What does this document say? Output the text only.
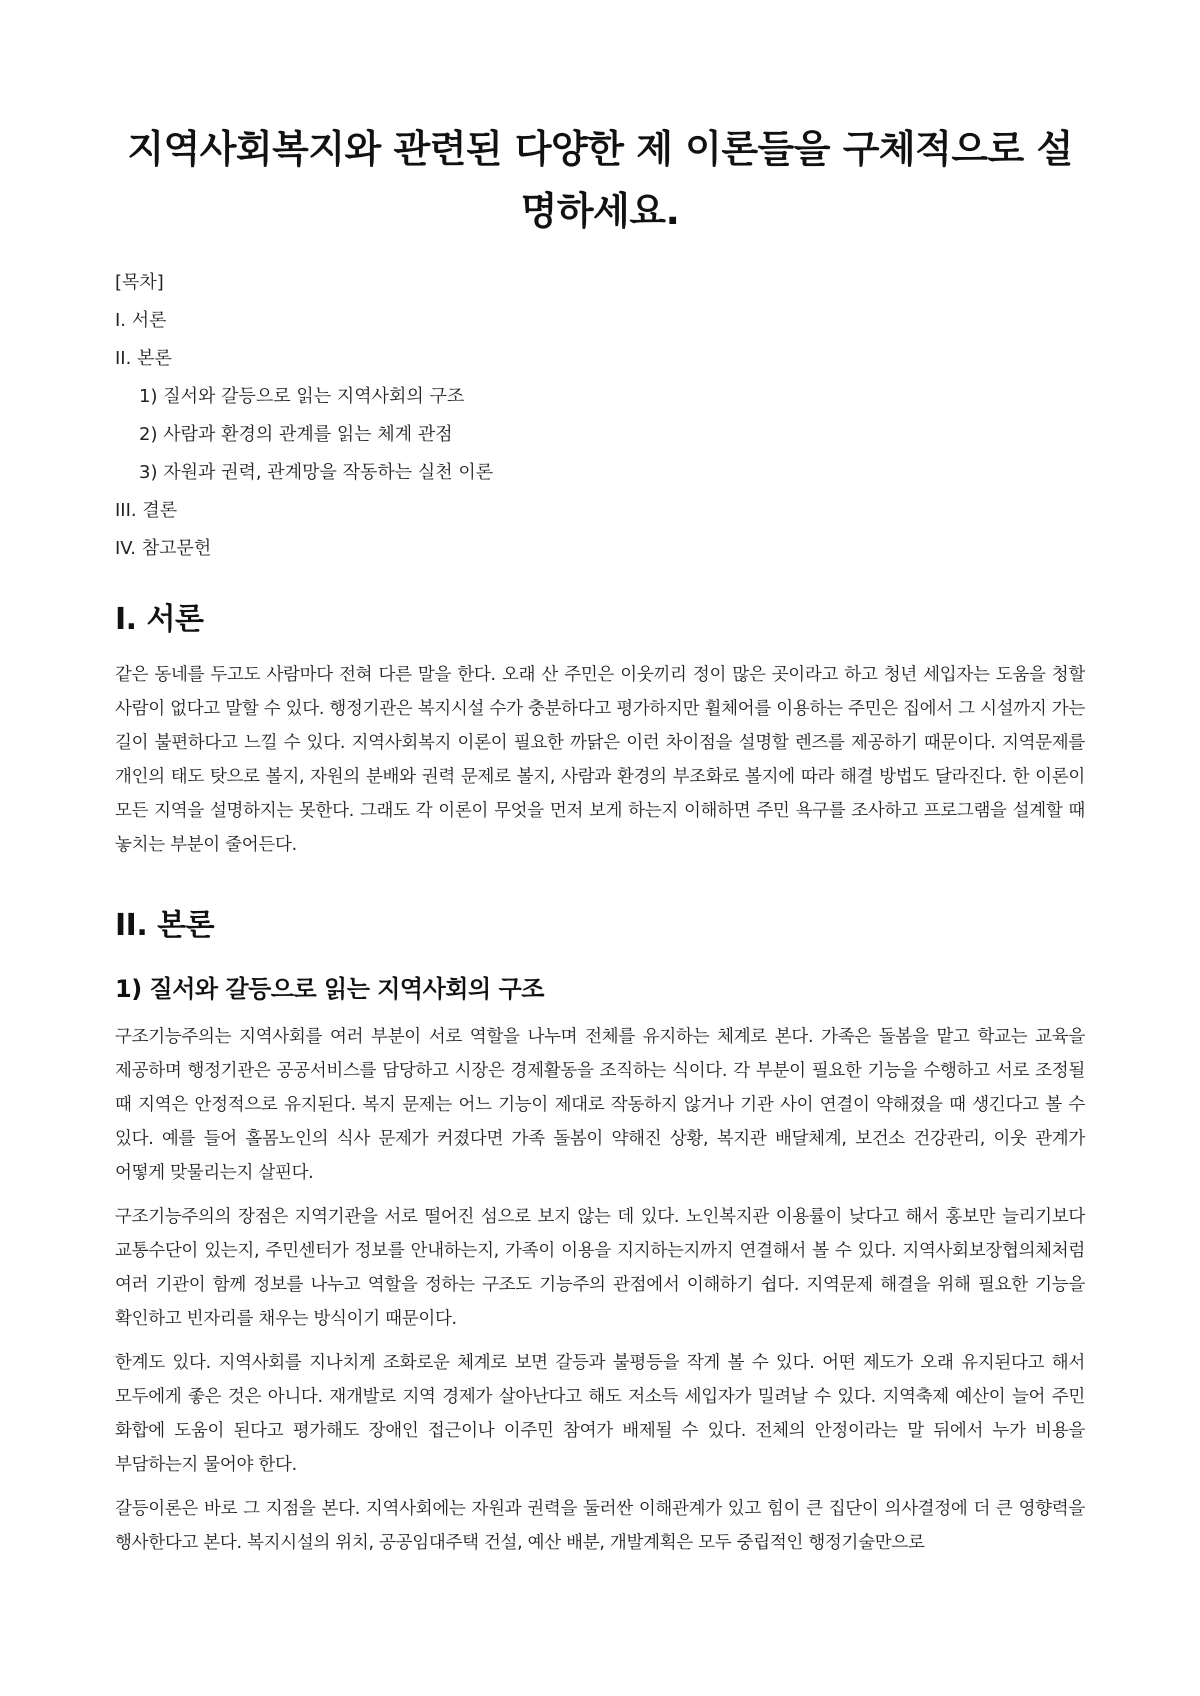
지역사회복지와 관련된 다양한 제 이론들을 구체적으로 설명하세요.
[목차]
I. 서론
II. 본론
1) 질서와 갈등으로 읽는 지역사회의 구조
2) 사람과 환경의 관계를 읽는 체계 관점
3) 자원과 권력, 관계망을 작동하는 실천 이론
III. 결론
IV. 참고문헌
I. 서론

같은 동네를 두고도 사람마다 전혀 다른 말을 한다. 오래 산 주민은 이웃끼리 정이 많은 곳이라고 하고 청년 세입자는 도움을 청할 사람이 없다고 말할 수 있다. 행정기관은 복지시설 수가 충분하다고 평가하지만 휠체어를 이용하는 주민은 집에서 그 시설까지 가는 길이 불편하다고 느낄 수 있다. 지역사회복지 이론이 필요한 까닭은 이런 차이점을 설명할 렌즈를 제공하기 때문이다. 지역문제를 개인의 태도 탓으로 볼지, 자원의 분배와 권력 문제로 볼지, 사람과 환경의 부조화로 볼지에 따라 해결 방법도 달라진다. 한 이론이 모든 지역을 설명하지는 못한다. 그래도 각 이론이 무엇을 먼저 보게 하는지 이해하면 주민 욕구를 조사하고 프로그램을 설계할 때 놓치는 부분이 줄어든다.

II. 본론
1) 질서와 갈등으로 읽는 지역사회의 구조

구조기능주의는 지역사회를 여러 부분이 서로 역할을 나누며 전체를 유지하는 체계로 본다. 가족은 돌봄을 맡고 학교는 교육을 제공하며 행정기관은 공공서비스를 담당하고 시장은 경제활동을 조직하는 식이다. 각 부분이 필요한 기능을 수행하고 서로 조정될 때 지역은 안정적으로 유지된다. 복지 문제는 어느 기능이 제대로 작동하지 않거나 기관 사이 연결이 약해졌을 때 생긴다고 볼 수 있다. 예를 들어 홀몸노인의 식사 문제가 커졌다면 가족 돌봄이 약해진 상황, 복지관 배달체계, 보건소 건강관리, 이웃 관계가 어떻게 맞물리는지 살핀다.

구조기능주의의 장점은 지역기관을 서로 떨어진 섬으로 보지 않는 데 있다. 노인복지관 이용률이 낮다고 해서 홍보만 늘리기보다 교통수단이 있는지, 주민센터가 정보를 안내하는지, 가족이 이용을 지지하는지까지 연결해서 볼 수 있다. 지역사회보장협의체처럼 여러 기관이 함께 정보를 나누고 역할을 정하는 구조도 기능주의 관점에서 이해하기 쉽다. 지역문제 해결을 위해 필요한 기능을 확인하고 빈자리를 채우는 방식이기 때문이다.

한계도 있다. 지역사회를 지나치게 조화로운 체계로 보면 갈등과 불평등을 작게 볼 수 있다. 어떤 제도가 오래 유지된다고 해서 모두에게 좋은 것은 아니다. 재개발로 지역 경제가 살아난다고 해도 저소득 세입자가 밀려날 수 있다. 지역축제 예산이 늘어 주민 화합에 도움이 된다고 평가해도 장애인 접근이나 이주민 참여가 배제될 수 있다. 전체의 안정이라는 말 뒤에서 누가 비용을 부담하는지 물어야 한다.

갈등이론은 바로 그 지점을 본다. 지역사회에는 자원과 권력을 둘러싼 이해관계가 있고 힘이 큰 집단이 의사결정에 더 큰 영향력을 행사한다고 본다. 복지시설의 위치, 공공임대주택 건설, 예산 배분, 개발계획은 모두 중립적인 행정기술만으로
